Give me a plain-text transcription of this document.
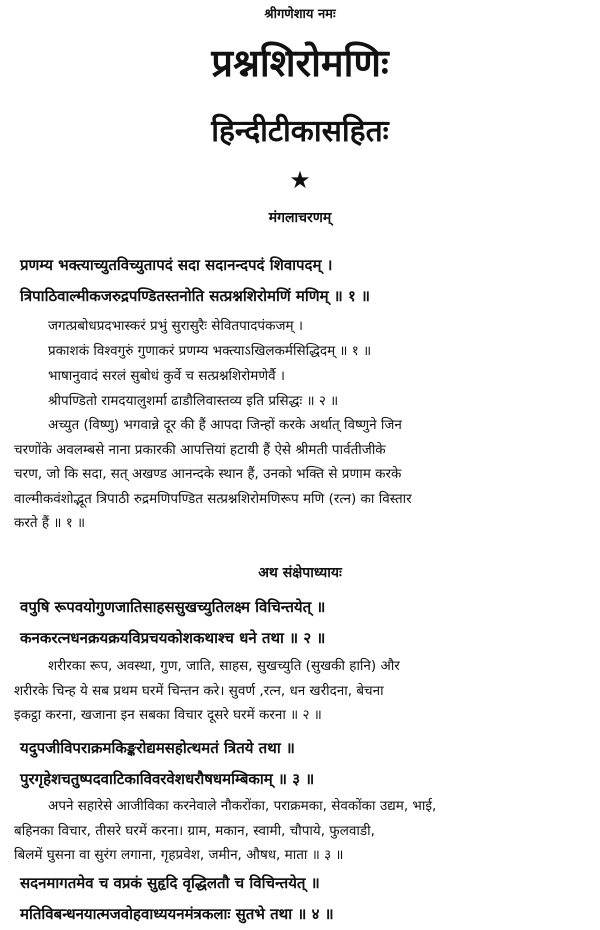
श्रीगणेशाय नमः
प्रश्नशिरोमणिः
हिन्दीटीकासहितः
★
मंगलाचरणम्
प्रणम्य भक्त्याच्युतविच्युतापदं सदा सदानन्दपदं शिवापदम् ।
त्रिपाठिवाल्मीकजरुद्रपण्डितस्तनोति सत्प्रश्नशिरोमणिं मणिम् ॥ १ ॥
जगत्प्रबोधप्रदभास्करं प्रभुं सुरासुरैः सेवितपादपंकजम् ।
प्रकाशकं विश्वगुरुं गुणाकरं प्रणम्य भक्त्याऽखिलकर्मसिद्धिदम् ॥ १ ॥
भाषानुवादं सरलं सुबोधं कुर्वे च सत्प्रश्नशिरोमणेर्वै ।
श्रीपण्डितो रामदयालुशर्मा ढाडौलिवास्तव्य इति प्रसिद्धः ॥ २ ॥
अच्युत (विष्णु) भगवान्ने दूर की हैं आपदा जिन्हों करके अर्थात् विष्णुने जिन
चरणोंके अवलम्बसे नाना प्रकारकी आपत्तियां हटायी हैं ऐसे श्रीमती पार्वतीजीके
चरण, जो कि सदा, सत् अखण्ड आनन्दके स्थान हैं, उनको भक्ति से प्रणाम करके
वाल्मीकवंशोद्भूत त्रिपाठी रुद्रमणिपण्डित सत्प्रश्नशिरोमणिरूप मणि (रत्न) का विस्तार
करते हैं ॥ १ ॥
अथ संक्षेपाध्यायः
वपुषि रूपवयोगुणजातिसाहससुखच्युतिलक्ष्म विचिन्तयेत् ॥
कनकरत्नधनक्रयक्रयविप्रचयकोशकथाश्च धने तथा ॥ २ ॥
शरीरका रूप, अवस्था, गुण, जाति, साहस, सुखच्युति (सुखकी हानि) और
शरीरके चिन्ह ये सब प्रथम घरमें चिन्तन करे। सुवर्ण ,रत्न, धन खरीदना, बेचना
इकट्ठा करना, खजाना इन सबका विचार दूसरे घरमें करना ॥ २ ॥
यदुपजीविपराक्रमकिङ्करोद्यमसहोत्थमतं त्रितये तथा ॥
पुरगृहेशचतुष्पदवाटिकाविवरवेशधरौषधमम्बिकाम् ॥ ३ ॥
अपने सहारेसे आजीविका करनेवाले नौकरोंका, पराक्रमका, सेवकोंका उद्यम, भाई,
बहिनका विचार, तीसरे घरमें करना। ग्राम, मकान, स्वामी, चौपाये, फुलवाडी,
बिलमें घुसना वा सुरंग लगाना, गृहप्रवेश, जमीन, औषध, माता ॥ ३ ॥
सदनमागतमेव च वप्रकं सुहृदि वृद्धिलतौ च विचिन्तयेत् ॥
मतिविबन्धनयात्मजवोहवाध्ययनमंत्रकलाः सुतभे तथा ॥ ४ ॥
